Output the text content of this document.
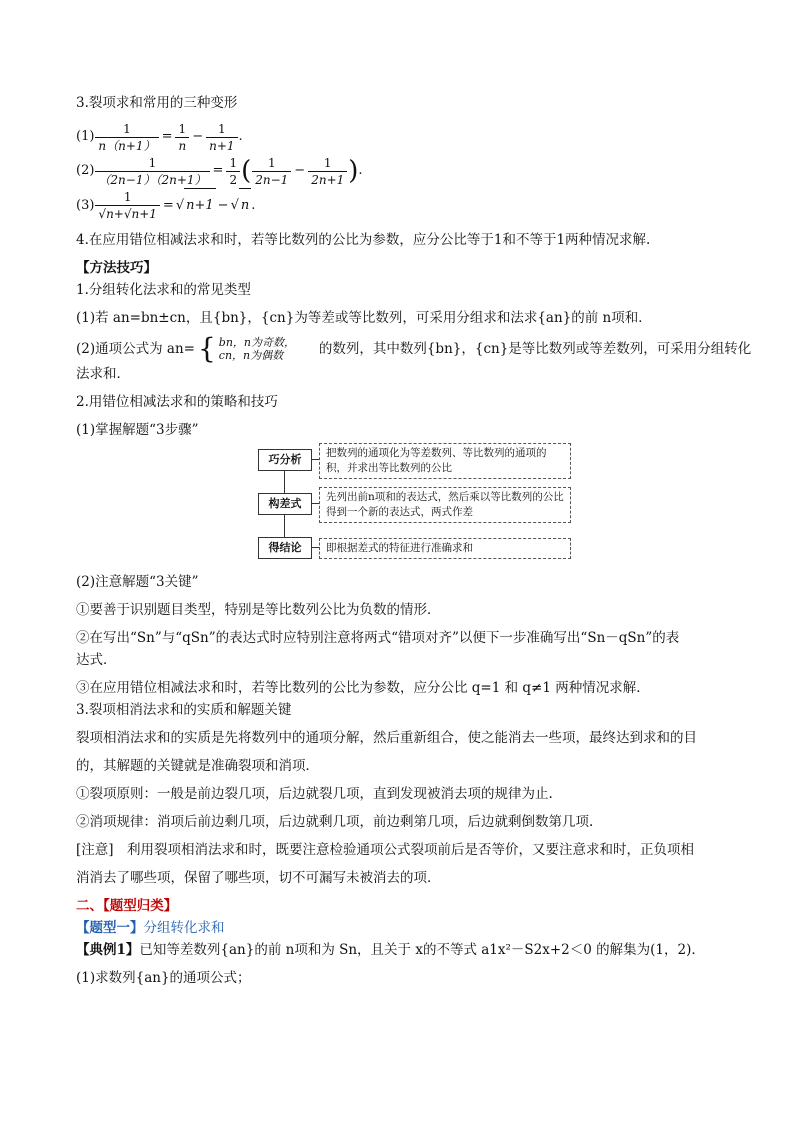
3.裂项求和常用的三种变形
$(1) \frac{1}{n(n+1)} = \frac{1}{n} - \frac{1}{n+1}$ .
$(2) \frac{1}{(2n-1)(2n+1)} = \frac{1}{2}$ ( $\frac{1}{2n-1} - \frac{1}{2n+1}$ ) .
$(3) \frac{1}{√n+√n+1}$ = √ n+1 − √ n .
4.在应用错位相减法求和时，若等比数列的公比为参数，应分公比等于1和不等于1两种情况求解.
【方法技巧】
1.分组转化法求和的常见类型
(1)若 an=bn±cn，且{bn}，{cn}为等差或等比数列，可采用分组求和法求{an}的前 n项和．
(2)通项公式为 an= { bn，n为奇数，
cn，n为偶数	的数列，其中数列{bn}，{cn}是等比数列或等差数列，可采用分组转化
法求和．
2.用错位相减法求和的策略和技巧
(1)掌握解题“3步骤”
巧分析	把数列的通项化为等差数列、等比数列的通项的积，并求出等比数列的公比
构差式	先列出前n项和的表达式，然后乘以等比数列的公比得到一个新的表达式，两式作差
得结论	即根据差式的特征进行准确求和
(2)注意解题“3关键”
①要善于识别题目类型，特别是等比数列公比为负数的情形．
②在写出“Sn”与“qSn”的表达式时应特别注意将两式“错项对齐”以便下一步准确写出“Sn－qSn”的表
达式．
③在应用错位相减法求和时，若等比数列的公比为参数，应分公比 q=1 和 q≠1 两种情况求解．
3.裂项相消法求和的实质和解题关键
裂项相消法求和的实质是先将数列中的通项分解，然后重新组合，使之能消去一些项，最终达到求和的目
的，其解题的关键就是准确裂项和消项．
①裂项原则：一般是前边裂几项，后边就裂几项，直到发现被消去项的规律为止.
②消项规律：消项后前边剩几项，后边就剩几项，前边剩第几项，后边就剩倒数第几项.
[注意]　利用裂项相消法求和时，既要注意检验通项公式裂项前后是否等价，又要注意求和时，正负项相
消消去了哪些项，保留了哪些项，切不可漏写未被消去的项．
二、【题型归类】
【题型一】分组转化求和
【典例1】已知等差数列{an}的前 n项和为 Sn，且关于 x的不等式 a1x²－S2x+2＜0 的解集为(1，2)．
(1)求数列{an}的通项公式；
